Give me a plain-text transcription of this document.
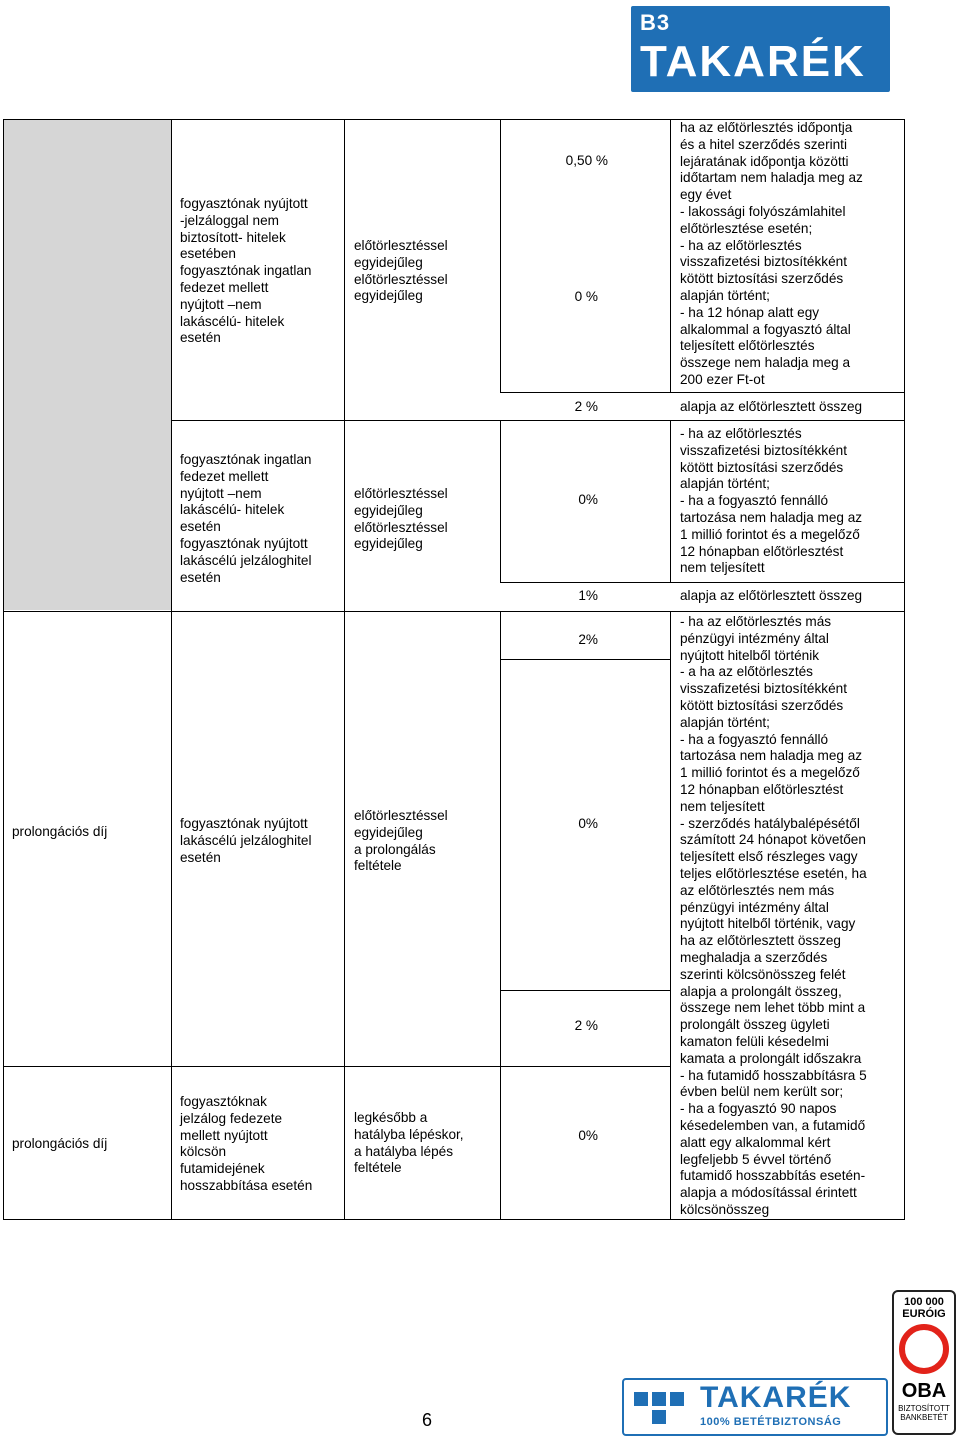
B3
TAKARÉK
fogyasztónak nyújtott
-jelzáloggal nem
biztosított- hitelek
esetében
fogyasztónak ingatlan
fedezet mellett
nyújtott –nem
lakáscélú- hitelek
esetén
előtörlesztéssel
egyidejűleg
előtörlesztéssel
egyidejűleg
0,50 %
0 %
ha az előtörlesztés időpontja
és a hitel szerződés szerinti
lejáratának időpontja közötti
időtartam nem haladja meg az
egy évet
- lakossági folyószámlahitel
előtörlesztése esetén;
- ha az előtörlesztés
visszafizetési biztosítékként
kötött biztosítási szerződés
alapján történt;
- ha 12 hónap alatt egy
alkalommal a fogyasztó által
teljesített előtörlesztés
összege nem haladja meg a
200 ezer Ft-ot
2 %	alapja az előtörlesztett összeg
fogyasztónak ingatlan
fedezet mellett
nyújtott –nem
lakáscélú- hitelek
esetén
fogyasztónak nyújtott
lakáscélú jelzáloghitel
esetén
előtörlesztéssel
egyidejűleg
előtörlesztéssel
egyidejűleg
0%
- ha az előtörlesztés
visszafizetési biztosítékként
kötött biztosítási szerződés
alapján történt;
- ha a fogyasztó fennálló
tartozása nem haladja meg az
1 millió forintot és a megelőző
12 hónapban előtörlesztést
nem teljesített
1%	alapja az előtörlesztett összeg
prolongációs díj
fogyasztónak nyújtott
lakáscélú jelzáloghitel
esetén
előtörlesztéssel
egyidejűleg
a prolongálás
feltétele
2%
0%
2 %
- ha az előtörlesztés más
pénzügyi intézmény által
nyújtott hitelből történik
- a ha az előtörlesztés
visszafizetési biztosítékként
kötött biztosítási szerződés
alapján történt;
- ha a fogyasztó fennálló
tartozása nem haladja meg az
1 millió forintot és a megelőző
12 hónapban előtörlesztést
nem teljesített
- szerződés hatálybalépésétől
számított 24 hónapot követően
teljesített első részleges vagy
teljes előtörlesztése esetén, ha
az előtörlesztés nem más
pénzügyi intézmény által
nyújtott hitelből történik, vagy
ha az előtörlesztett összeg
meghaladja a szerződés
szerinti kölcsönösszeg felét
alapja a prolongált összeg,
összege nem lehet több mint a
prolongált összeg ügyleti
kamaton felüli késedelmi
kamata a prolongált időszakra
- ha futamidő hosszabbításra 5
évben belül nem került sor;
- ha a fogyasztó 90 napos
késedelemben van, a futamidő
alatt egy alkalommal kért
legfeljebb 5 évvel történő
futamidő hosszabbítás esetén-
alapja a módosítással érintett
kölcsönösszeg
prolongációs díj
fogyasztóknak
jelzálog fedezete
mellett nyújtott
kölcsön
futamidejének
hosszabbítása esetén
legkésőbb a
hatályba lépéskor,
a hatályba lépés
feltétele
0%
6
TAKARÉK
100% BETÉTBIZTONSÁG
100 000
EURÓIG
OBA
BIZTOSÍTOTT
BANKBETÉT
